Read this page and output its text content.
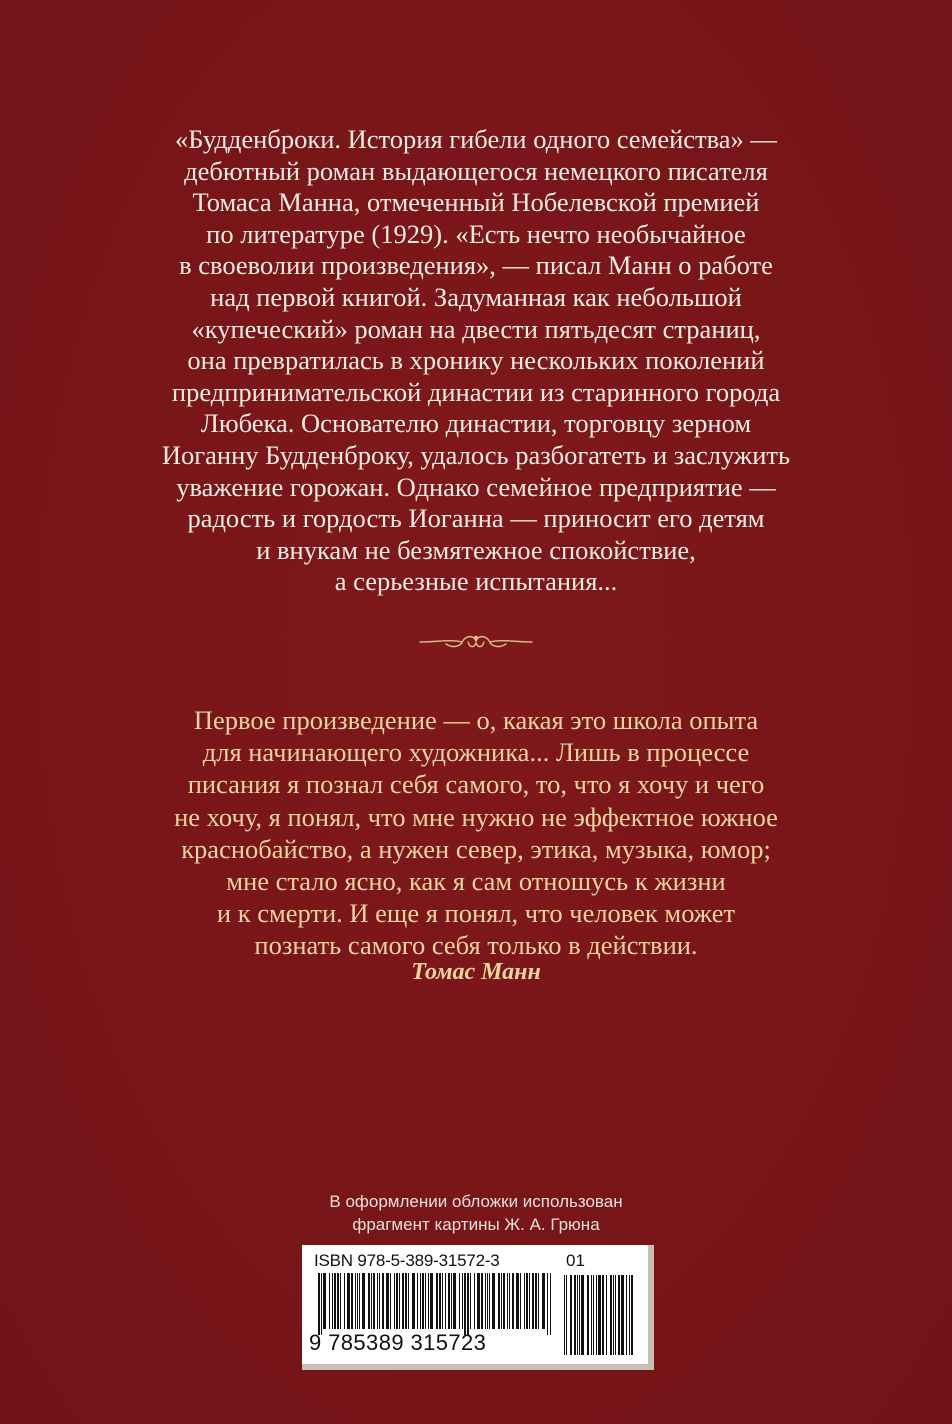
«Будденброки. История гибели одного семейства» —
дебютный роман выдающегося немецкого писателя
Томаса Манна, отмеченный Нобелевской премией
по литературе (1929). «Есть нечто необычайное
в своеволии произведения», — писал Манн о работе
над первой книгой. Задуманная как небольшой
«купеческий» роман на двести пятьдесят страниц,
она превратилась в хронику нескольких поколений
предпринимательской династии из старинного города
Любека. Основателю династии, торговцу зерном
Иоганну Будденброку, удалось разбогатеть и заслужить
уважение горожан. Однако семейное предприятие —
радость и гордость Иоганна — приносит его детям
и внукам не безмятежное спокойствие,
а серьезные испытания...
Первое произведение — о, какая это школа опыта
для начинающего художника... Лишь в процессе
писания я познал себя самого, то, что я хочу и чего
не хочу, я понял, что мне нужно не эффектное южное
краснобайство, а нужен север, этика, музыка, юмор;
мне стало ясно, как я сам отношусь к жизни
и к смерти. И еще я понял, что человек может
познать самого себя только в действии.
Томас Манн
В оформлении обложки использован
фрагмент картины Ж. А. Грюна
ISBN 978-5-389-31572-3	01
9 785389 315723
